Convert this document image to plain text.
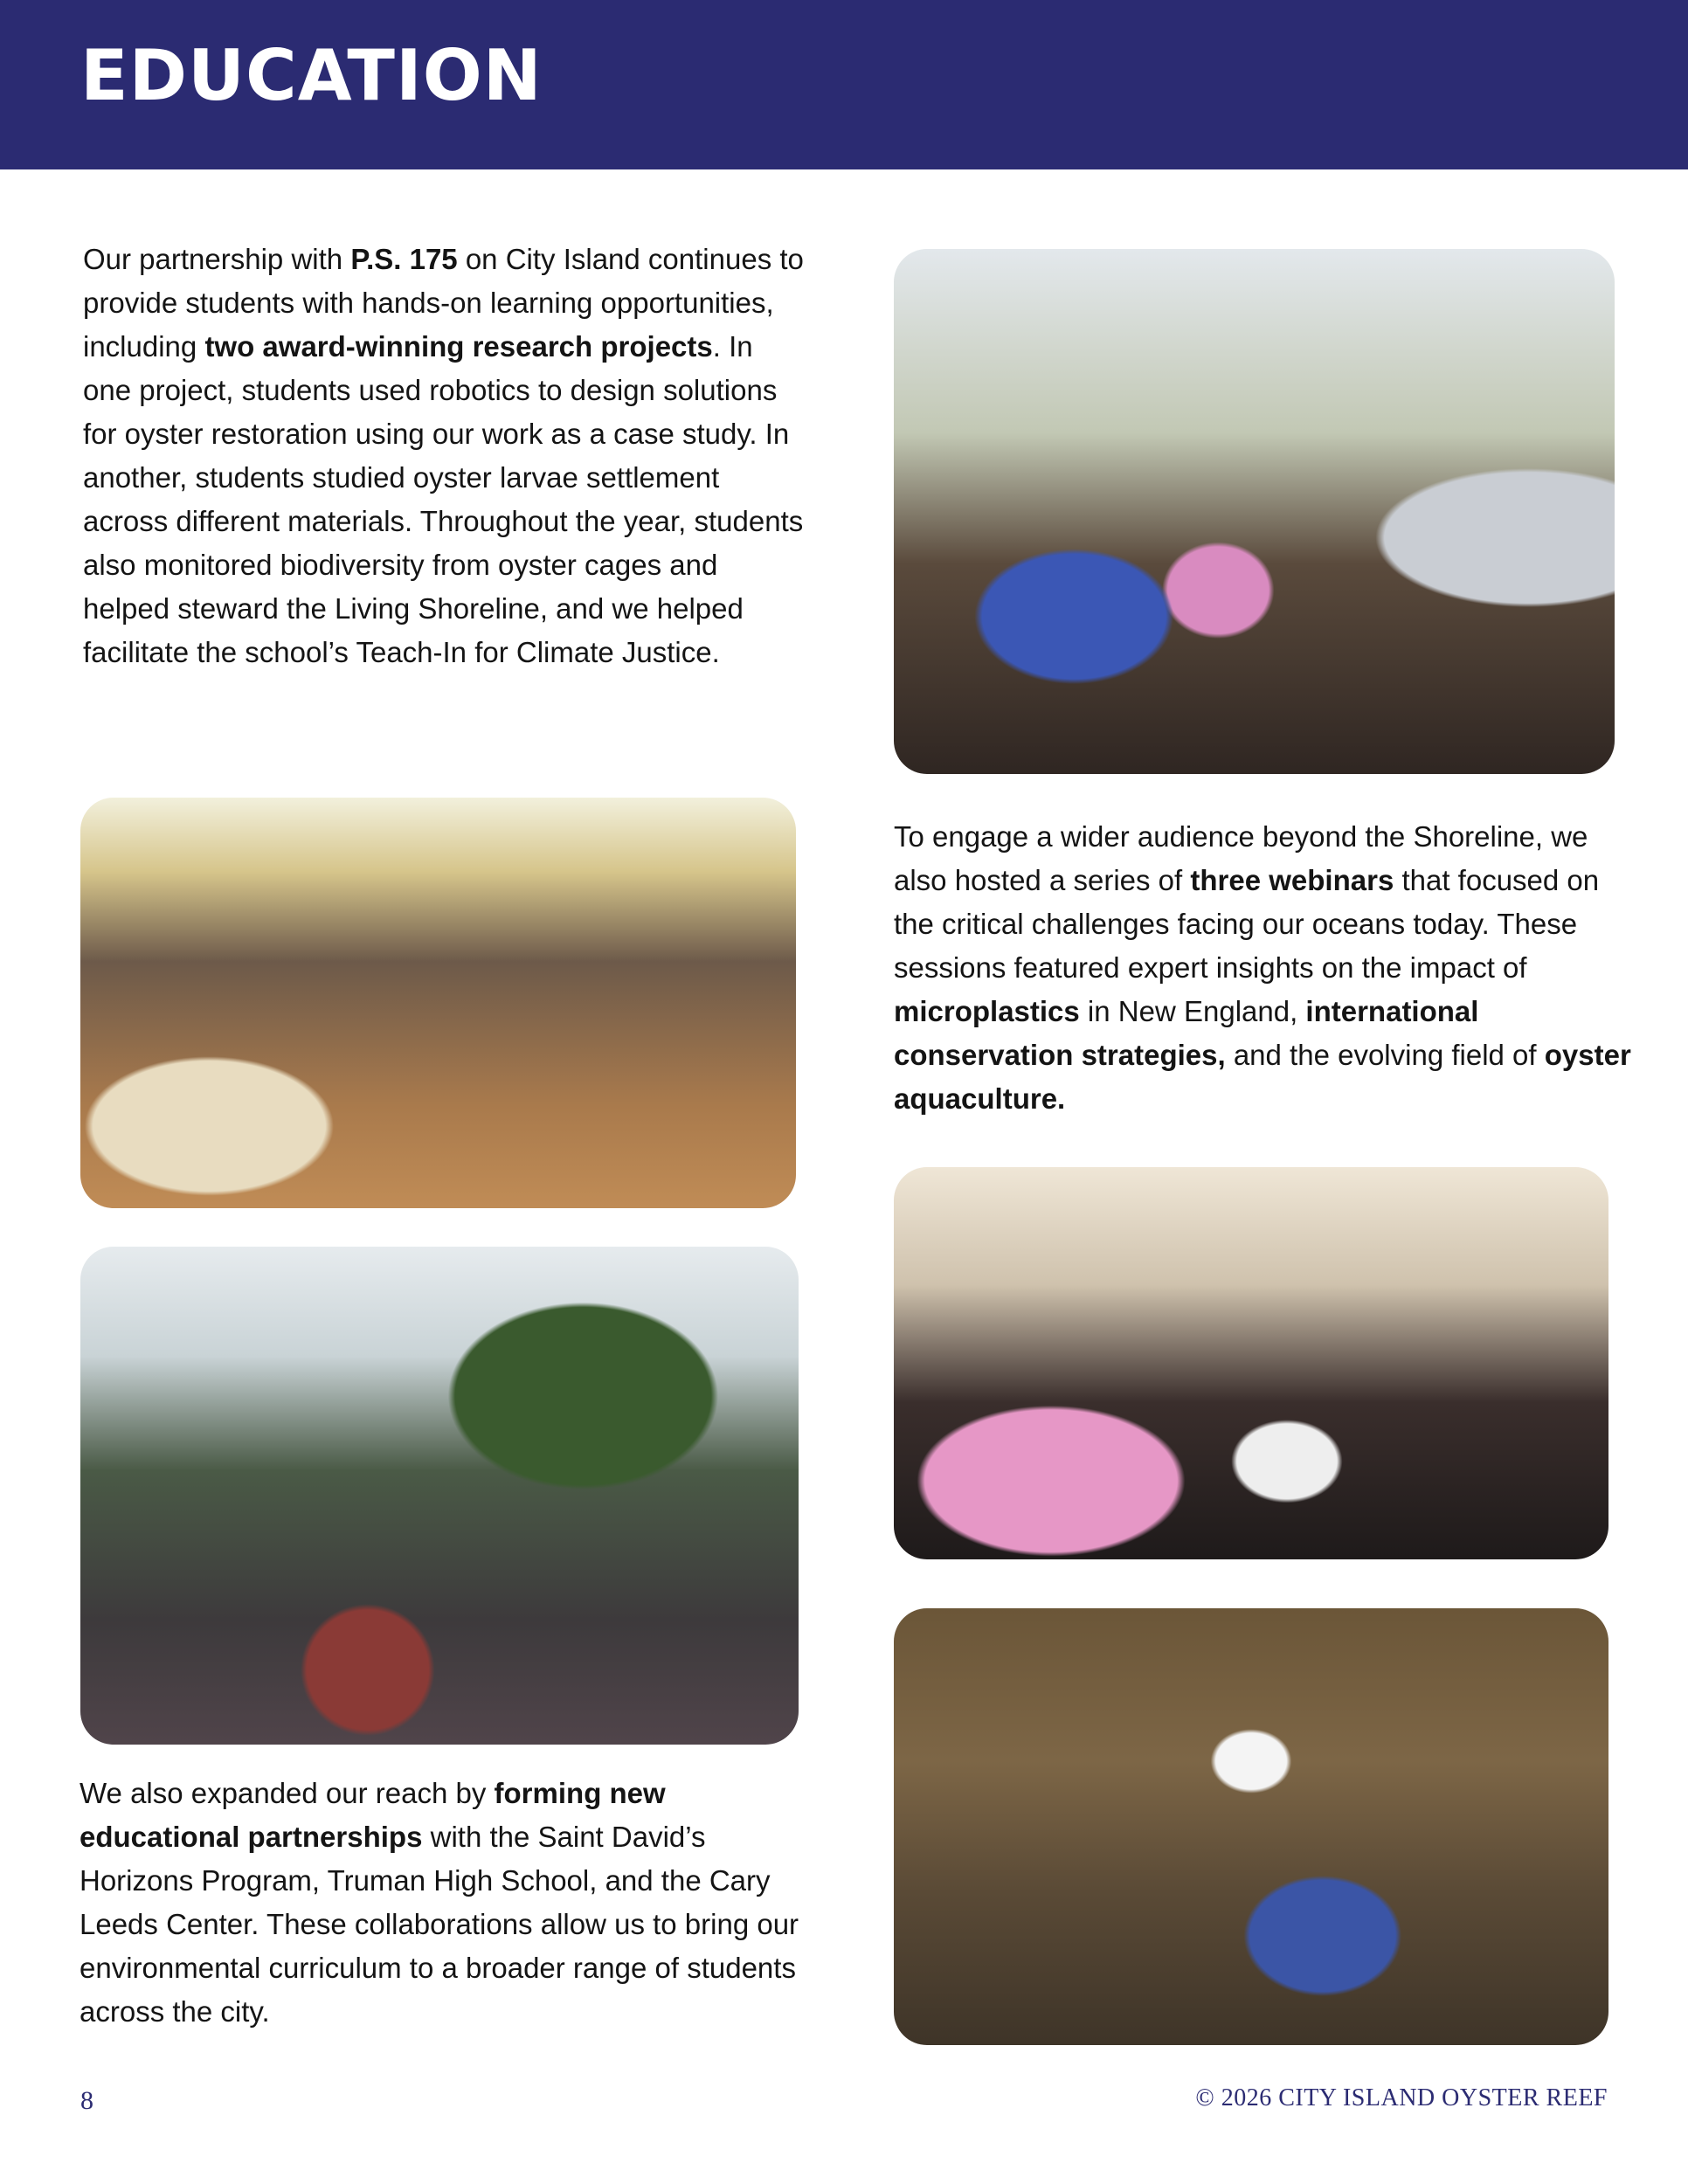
EDUCATION
Our partnership with P.S. 175 on City Island continues to provide students with hands-on learning opportunities, including two award-winning research projects. In one project, students used robotics to design solutions for oyster restoration using our work as a case study. In another, students studied oyster larvae settlement across different materials. Throughout the year, students also monitored biodiversity from oyster cages and helped steward the Living Shoreline, and we helped facilitate the school’s Teach-In for Climate Justice.
To engage a wider audience beyond the Shoreline, we also hosted a series of three webinars that focused on the critical challenges facing our oceans today. These sessions featured expert insights on the impact of microplastics in New England, international conservation strategies, and the evolving field of oyster aquaculture.
We also expanded our reach by forming new educational partnerships with the Saint David’s Horizons Program, Truman High School, and the Cary Leeds Center. These collaborations allow us to bring our environmental curriculum to a broader range of students across the city.
8	© 2026 CITY ISLAND OYSTER REEF
